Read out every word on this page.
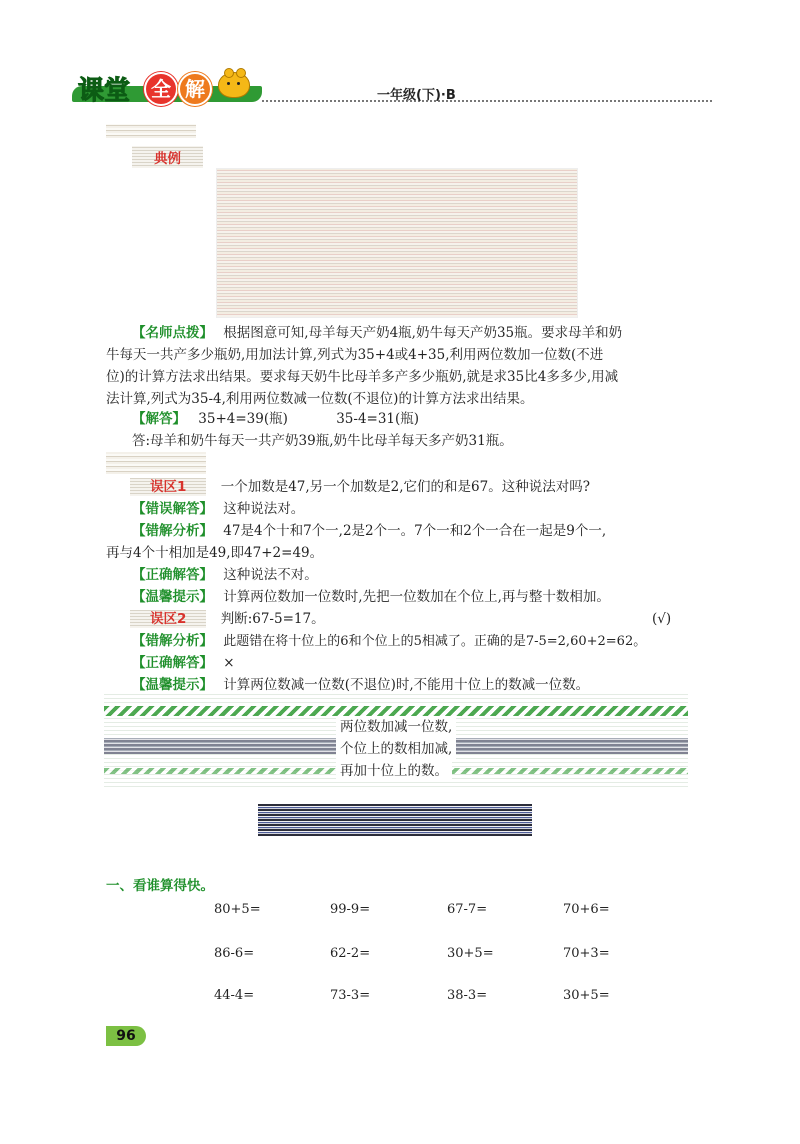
课堂	全 解	一年级(下)·B
典例
【名师点拨】 根据图意可知,母羊每天产奶4瓶,奶牛每天产奶35瓶。要求母羊和奶
牛每天一共产多少瓶奶,用加法计算,列式为35+4或4+35,利用两位数加一位数(不进
位)的计算方法求出结果。要求每天奶牛比母羊多产多少瓶奶,就是求35比4多多少,用减
法计算,列式为35-4,利用两位数减一位数(不退位)的计算方法求出结果。
【解答】 35+4=39(瓶)	35-4=31(瓶)
答:母羊和奶牛每天一共产奶39瓶,奶牛比母羊每天多产奶31瓶。
误区1	一个加数是47,另一个加数是2,它们的和是67。这种说法对吗?
【错误解答】 这种说法对。
【错解分析】 47是4个十和7个一,2是2个一。7个一和2个一合在一起是9个一,
再与4个十相加是49,即47+2=49。
【正确解答】 这种说法不对。
【温馨提示】 计算两位数加一位数时,先把一位数加在个位上,再与整十数相加。
误区2	判断:67-5=17。	(√)
【错解分析】 此题错在将十位上的6和个位上的5相减了。正确的是7-5=2,60+2=62。
【正确解答】 ×
【温馨提示】 计算两位数减一位数(不退位)时,不能用十位上的数减一位数。
两位数加减一位数,
个位上的数相加减,
再加十位上的数。
一、看谁算得快。
80+5=	99-9=	67-7=	70+6=
86-6=	62-2=	30+5=	70+3=
44-4=	73-3=	38-3=	30+5=
96
